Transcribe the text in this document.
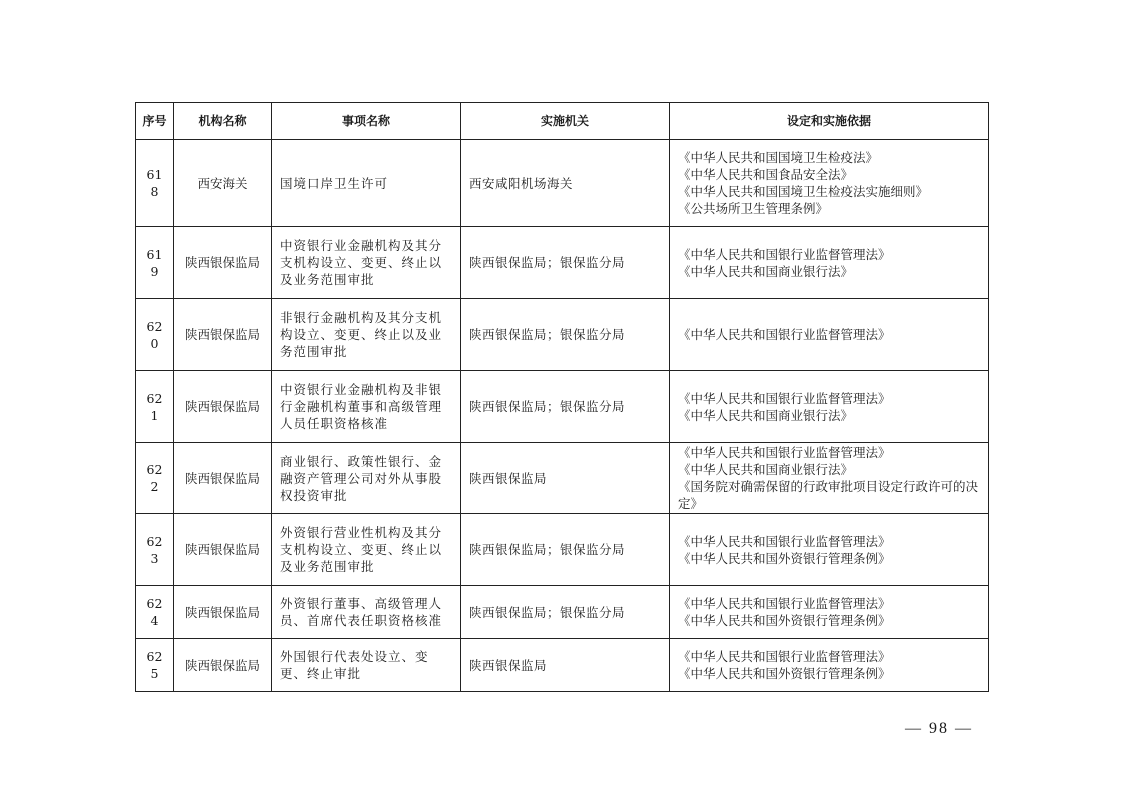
序号	机构名称	事项名称	实施机关	设定和实施依据
618	西安海关	国境口岸卫生许可	西安咸阳机场海关	《中华人民共和国国境卫生检疫法》
《中华人民共和国食品安全法》
《中华人民共和国国境卫生检疫法实施细则》
《公共场所卫生管理条例》

619	陕西银保监局	中资银行业金融机构及其分支机构设立、变更、终止以及业务范围审批	陕西银保监局；银保监分局	《中华人民共和国银行业监督管理法》
《中华人民共和国商业银行法》

620	陕西银保监局	非银行金融机构及其分支机构设立、变更、终止以及业务范围审批	陕西银保监局；银保监分局	《中华人民共和国银行业监督管理法》

621	陕西银保监局	中资银行业金融机构及非银行金融机构董事和高级管理人员任职资格核准	陕西银保监局；银保监分局	《中华人民共和国银行业监督管理法》
《中华人民共和国商业银行法》

622	陕西银保监局	商业银行、政策性银行、金融资产管理公司对外从事股权投资审批	陕西银保监局	《中华人民共和国银行业监督管理法》
《中华人民共和国商业银行法》
《国务院对确需保留的行政审批项目设定行政许可的决定》

623	陕西银保监局	外资银行营业性机构及其分支机构设立、变更、终止以及业务范围审批	陕西银保监局；银保监分局	《中华人民共和国银行业监督管理法》
《中华人民共和国外资银行管理条例》

624	陕西银保监局	外资银行董事、高级管理人员、首席代表任职资格核准	陕西银保监局；银保监分局	《中华人民共和国银行业监督管理法》
《中华人民共和国外资银行管理条例》

625	陕西银保监局	外国银行代表处设立、变更、终止审批	陕西银保监局	《中华人民共和国银行业监督管理法》
《中华人民共和国外资银行管理条例》
— 98 —
